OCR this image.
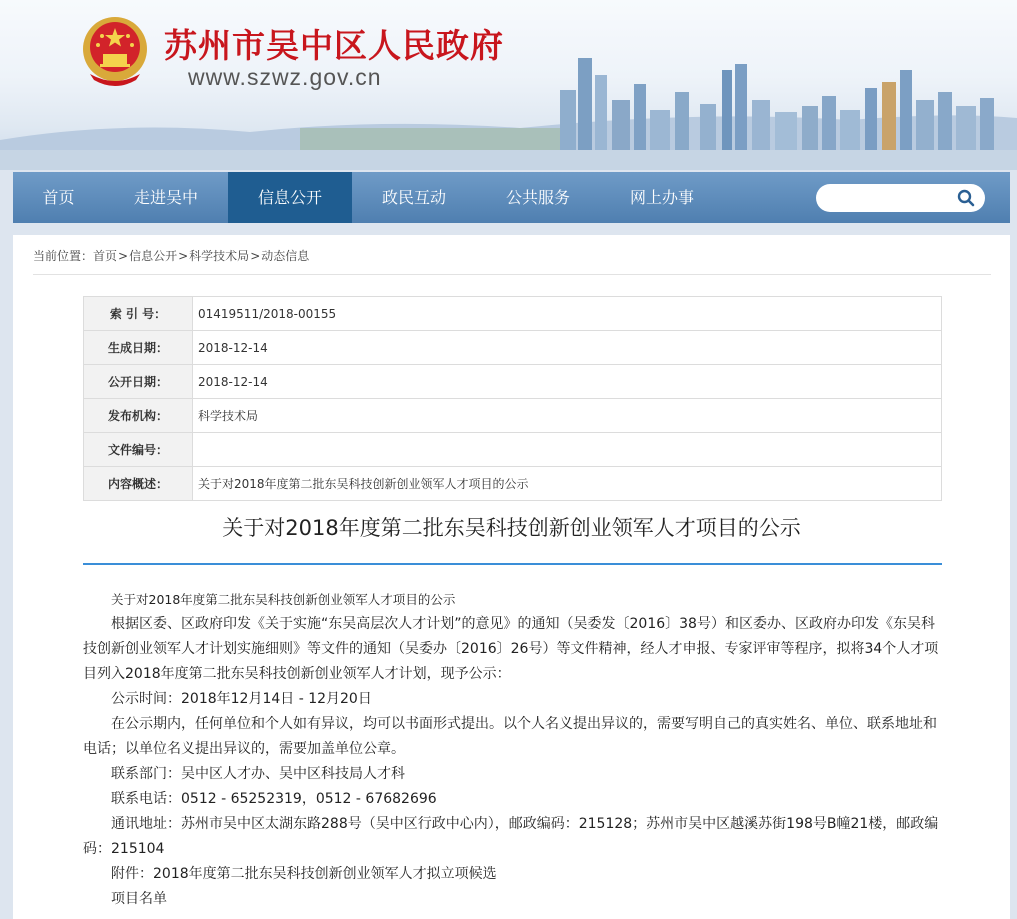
苏州市吴中区人民政府
www.szwz.gov.cn
首页	走进吴中	信息公开	政民互动	公共服务	网上办事
当前位置：首页>信息公开>科学技术局>动态信息
索 引 号：	01419511/2018-00155
生成日期：	2018-12-14
公开日期：	2018-12-14
发布机构：	科学技术局
文件编号：	
内容概述：	关于对2018年度第二批东吴科技创新创业领军人才项目的公示
关于对2018年度第二批东吴科技创新创业领军人才项目的公示

关于对2018年度第二批东吴科技创新创业领军人才项目的公示

根据区委、区政府印发《关于实施“东吴高层次人才计划”的意见》的通知（吴委发〔2016〕38号）和区委办、区政府办印发《东吴科技创新创业领军人才计划实施细则》等文件的通知（吴委办〔2016〕26号）等文件精神，经人才申报、专家评审等程序，拟将34个人才项目列入2018年度第二批东吴科技创新创业领军人才计划，现予公示：

公示时间：2018年12月14日 - 12月20日

在公示期内，任何单位和个人如有异议，均可以书面形式提出。以个人名义提出异议的，需要写明自己的真实姓名、单位、联系地址和电话；以单位名义提出异议的，需要加盖单位公章。

联系部门：吴中区人才办、吴中区科技局人才科

联系电话：0512 - 65252319，0512 - 67682696

通讯地址：苏州市吴中区太湖东路288号（吴中区行政中心内），邮政编码：215128；苏州市吴中区越溪苏街198号B幢21楼，邮政编码：215104

附件：2018年度第二批东吴科技创新创业领军人才拟立项候选

项目名单
